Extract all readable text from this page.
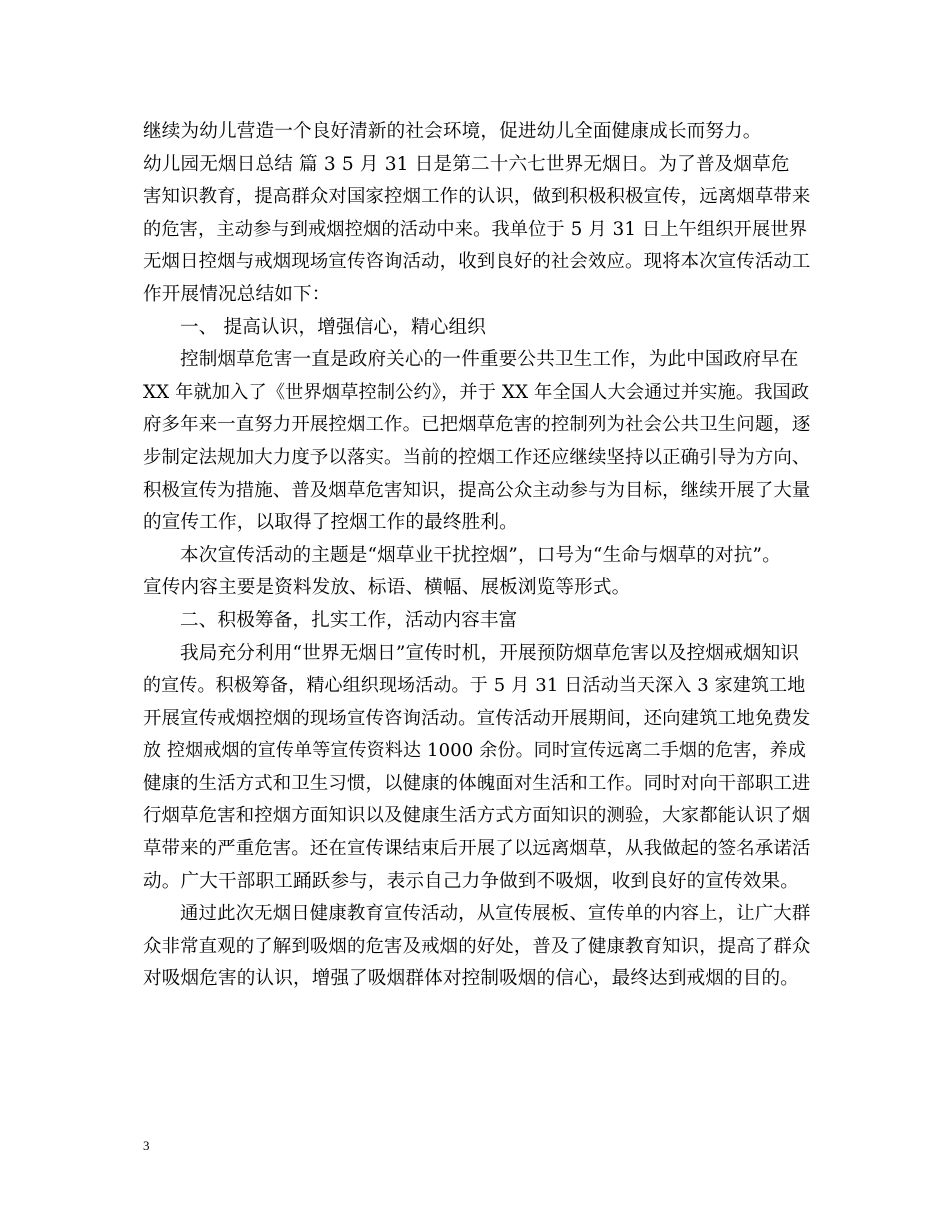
继续为幼儿营造一个良好清新的社会环境，促进幼儿全面健康成长而努力。
幼儿园无烟日总结 篇 3 5 月 31 日是第二十六七世界无烟日。为了普及烟草危
害知识教育，提高群众对国家控烟工作的认识，做到积极积极宣传，远离烟草带来
的危害，主动参与到戒烟控烟的活动中来。我单位于 5 月 31 日上午组织开展世界
无烟日控烟与戒烟现场宣传咨询活动，收到良好的社会效应。现将本次宣传活动工
作开展情况总结如下：
一、 提高认识，增强信心，精心组织
控制烟草危害一直是政府关心的一件重要公共卫生工作，为此中国政府早在
XX 年就加入了《世界烟草控制公约》，并于 XX 年全国人大会通过并实施。我国政
府多年来一直努力开展控烟工作。已把烟草危害的控制列为社会公共卫生问题，逐
步制定法规加大力度予以落实。当前的控烟工作还应继续坚持以正确引导为方向、
积极宣传为措施、普及烟草危害知识，提高公众主动参与为目标，继续开展了大量
的宣传工作，以取得了控烟工作的最终胜利。
本次宣传活动的主题是“烟草业干扰控烟”，口号为“生命与烟草的对抗”。
宣传内容主要是资料发放、标语、横幅、展板浏览等形式。
二、积极筹备，扎实工作，活动内容丰富
我局充分利用“世界无烟日”宣传时机，开展预防烟草危害以及控烟戒烟知识
的宣传。积极筹备，精心组织现场活动。于 5 月 31 日活动当天深入 3 家建筑工地
开展宣传戒烟控烟的现场宣传咨询活动。宣传活动开展期间，还向建筑工地免费发
放 控烟戒烟的宣传单等宣传资料达 1000 余份。同时宣传远离二手烟的危害，养成
健康的生活方式和卫生习惯，以健康的体魄面对生活和工作。同时对向干部职工进
行烟草危害和控烟方面知识以及健康生活方式方面知识的测验，大家都能认识了烟
草带来的严重危害。还在宣传课结束后开展了以远离烟草，从我做起的签名承诺活
动。广大干部职工踊跃参与，表示自己力争做到不吸烟，收到良好的宣传效果。
通过此次无烟日健康教育宣传活动，从宣传展板、宣传单的内容上，让广大群
众非常直观的了解到吸烟的危害及戒烟的好处，普及了健康教育知识，提高了群众
对吸烟危害的认识，增强了吸烟群体对控制吸烟的信心，最终达到戒烟的目的。
3
